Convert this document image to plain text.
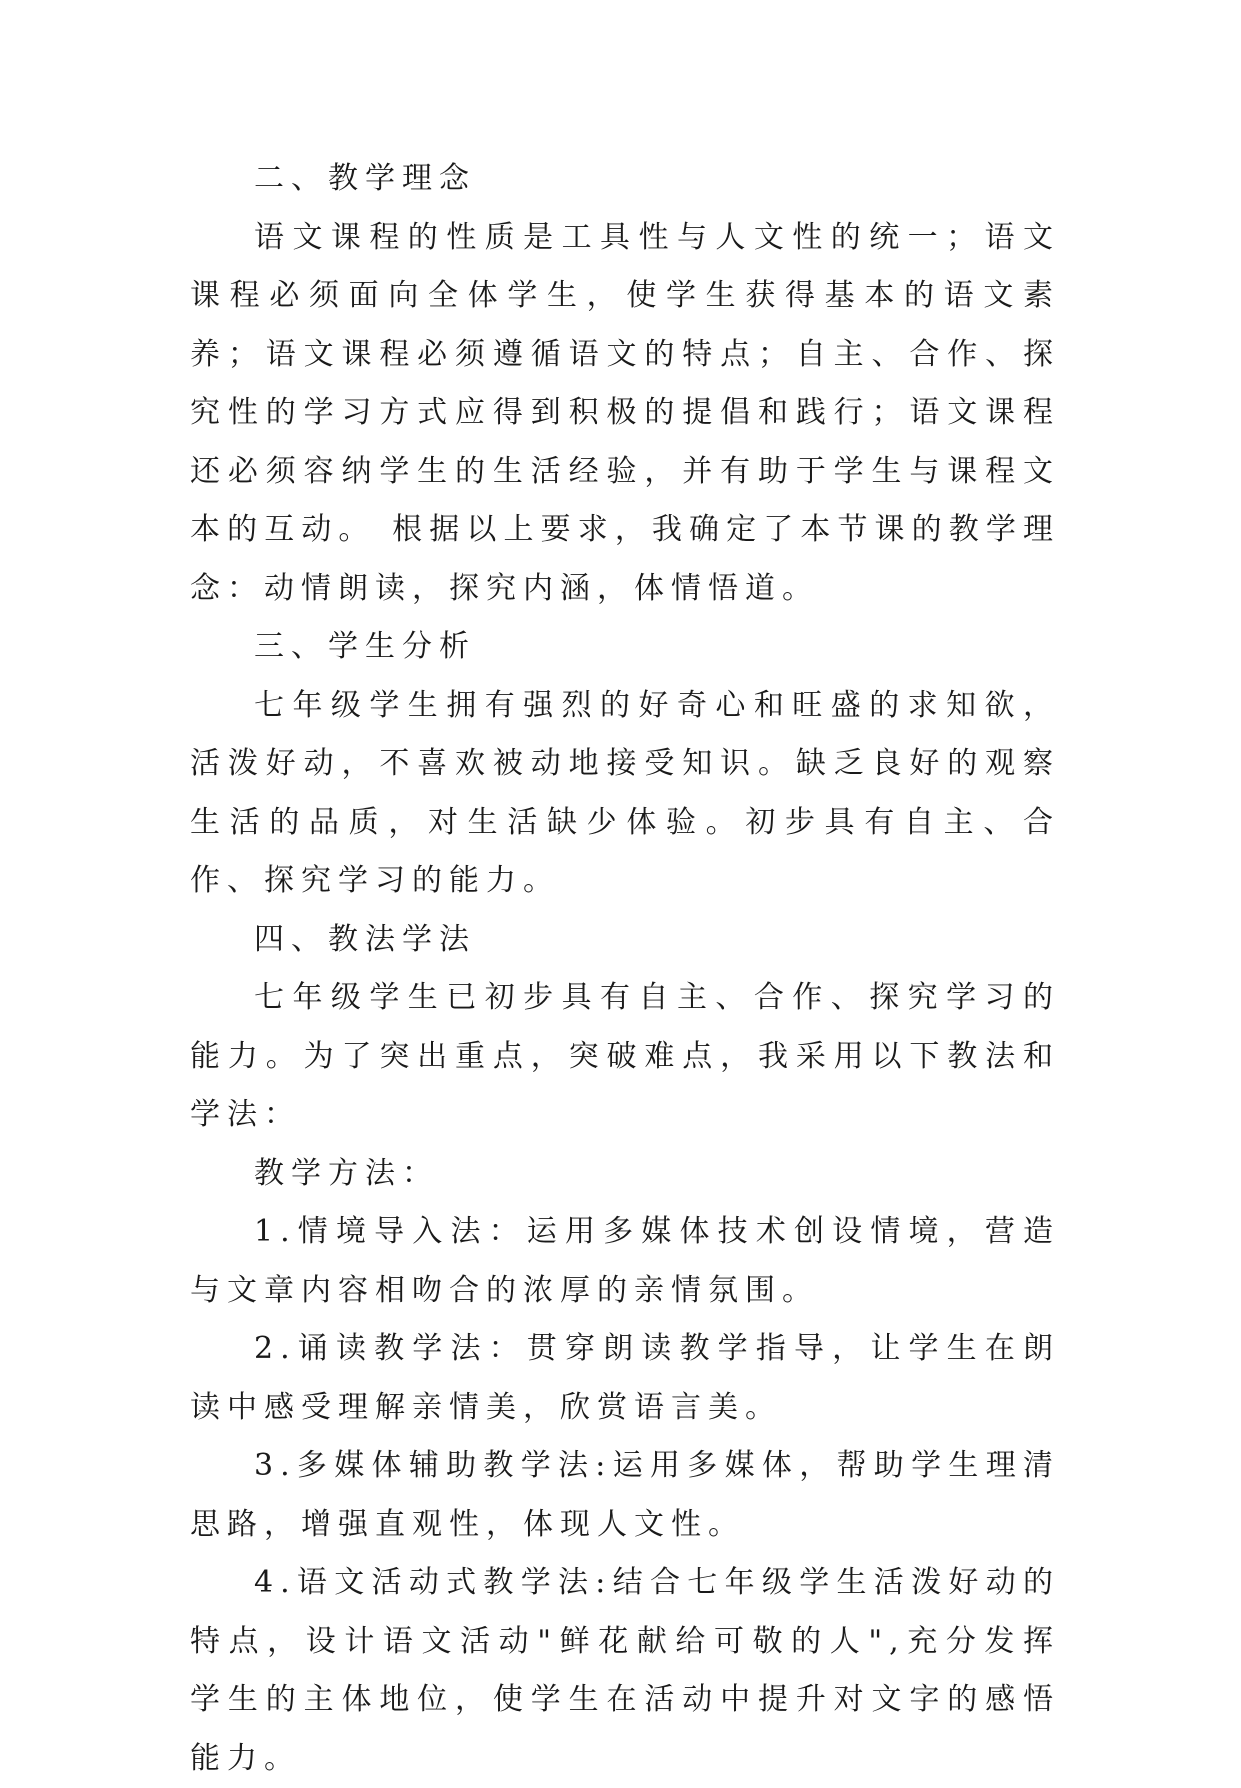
二、教学理念

语文课程的性质是工具性与人文性的统一；语文课程必须面向全体学生，使学生获得基本的语文素养；语文课程必须遵循语文的特点；自主、合作、探究性的学习方式应得到积极的提倡和践行；语文课程还必须容纳学生的生活经验，并有助于学生与课程文本的互动。 根据以上要求，我确定了本节课的教学理念：动情朗读，探究内涵，体情悟道。

三、学生分析

七年级学生拥有强烈的好奇心和旺盛的求知欲，活泼好动，不喜欢被动地接受知识。缺乏良好的观察生活的品质，对生活缺少体验。初步具有自主、合作、探究学习的能力。

四、教法学法

七年级学生已初步具有自主、合作、探究学习的能力。为了突出重点，突破难点，我采用以下教法和学法：

教学方法：

1.情境导入法：运用多媒体技术创设情境，营造与文章内容相吻合的浓厚的亲情氛围。

2.诵读教学法：贯穿朗读教学指导，让学生在朗读中感受理解亲情美，欣赏语言美。

3.多媒体辅助教学法:运用多媒体，帮助学生理清思路，增强直观性，体现人文性。

4.语文活动式教学法:结合七年级学生活泼好动的特点，设计语文活动"鲜花献给可敬的人",充分发挥学生的主体地位，使学生在活动中提升对文字的感悟能力。
